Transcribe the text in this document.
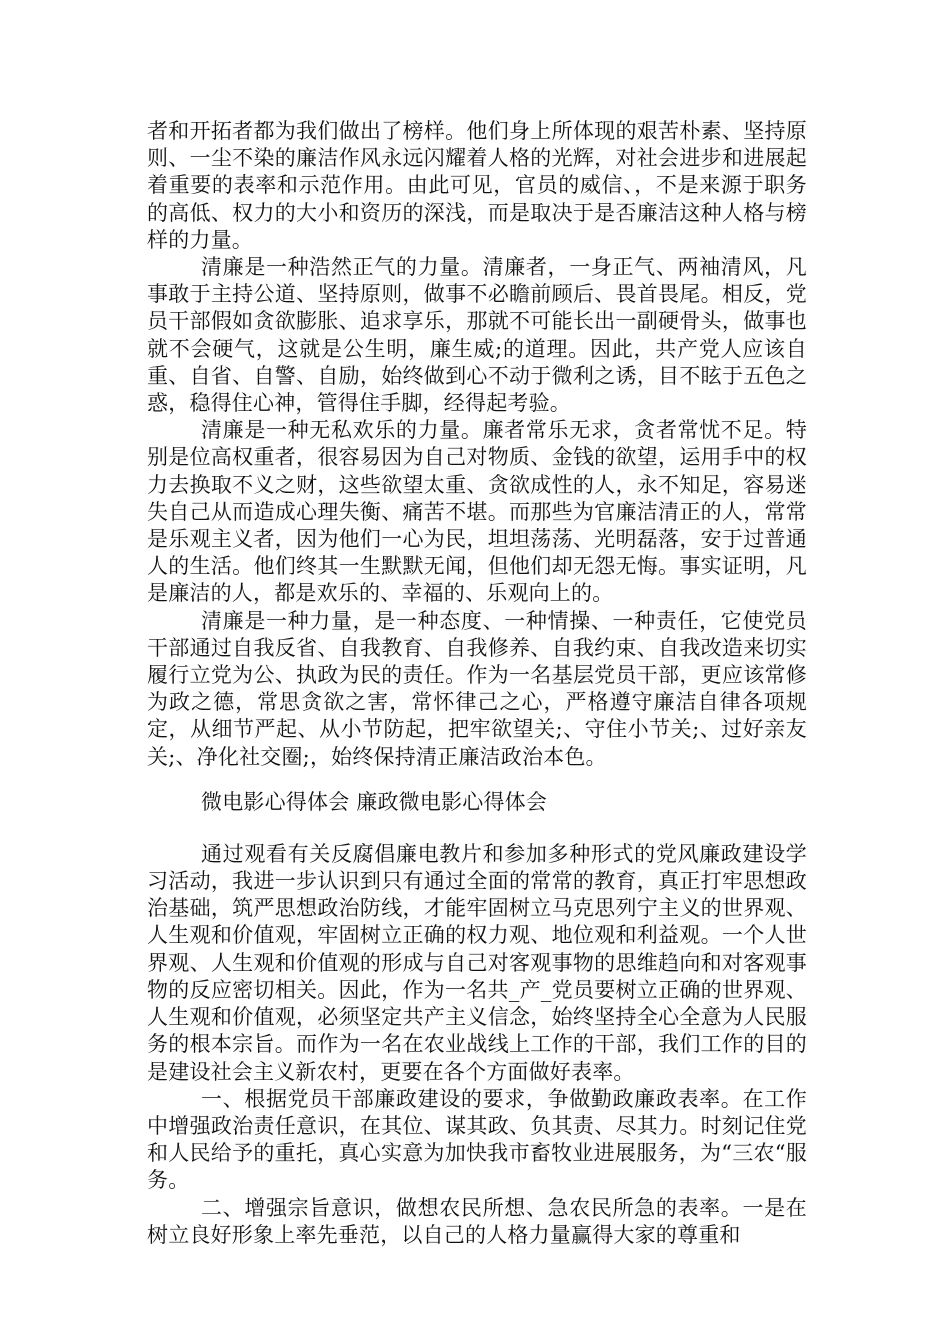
者和开拓者都为我们做出了榜样。他们身上所体现的艰苦朴素、坚持原则、一尘不染的廉洁作风永远闪耀着人格的光辉，对社会进步和进展起着重要的表率和示范作用。由此可见，官员的威信、，不是来源于职务的高低、权力的大小和资历的深浅，而是取决于是否廉洁这种人格与榜样的力量。

清廉是一种浩然正气的力量。清廉者，一身正气、两袖清风，凡事敢于主持公道、坚持原则，做事不必瞻前顾后、畏首畏尾。相反，党员干部假如贪欲膨胀、追求享乐，那就不可能长出一副硬骨头，做事也就不会硬气，这就是公生明，廉生威;的道理。因此，共产党人应该自重、自省、自警、自励，始终做到心不动于微利之诱，目不眩于五色之惑，稳得住心神，管得住手脚，经得起考验。

清廉是一种无私欢乐的力量。廉者常乐无求，贪者常忧不足。特别是位高权重者，很容易因为自己对物质、金钱的欲望，运用手中的权力去换取不义之财，这些欲望太重、贪欲成性的人，永不知足，容易迷失自己从而造成心理失衡、痛苦不堪。而那些为官廉洁清正的人，常常是乐观主义者，因为他们一心为民，坦坦荡荡、光明磊落，安于过普通人的生活。他们终其一生默默无闻，但他们却无怨无悔。事实证明，凡是廉洁的人，都是欢乐的、幸福的、乐观向上的。

清廉是一种力量，是一种态度、一种情操、一种责任，它使党员干部通过自我反省、自我教育、自我修养、自我约束、自我改造来切实履行立党为公、执政为民的责任。作为一名基层党员干部，更应该常修为政之德，常思贪欲之害，常怀律己之心，严格遵守廉洁自律各项规定，从细节严起、从小节防起，把牢欲望关;、守住小节关;、过好亲友关;、净化社交圈;，始终保持清正廉洁政治本色。

微电影心得体会 廉政微电影心得体会

通过观看有关反腐倡廉电教片和参加多种形式的党风廉政建设学习活动，我进一步认识到只有通过全面的常常的教育，真正打牢思想政治基础，筑严思想政治防线，才能牢固树立马克思列宁主义的世界观、人生观和价值观，牢固树立正确的权力观、地位观和利益观。一个人世界观、人生观和价值观的形成与自己对客观事物的思维趋向和对客观事物的反应密切相关。因此，作为一名共_产_党员要树立正确的世界观、人生观和价值观，必须坚定共产主义信念，始终坚持全心全意为人民服务的根本宗旨。而作为一名在农业战线上工作的干部，我们工作的目的是建设社会主义新农村，更要在各个方面做好表率。

一、根据党员干部廉政建设的要求，争做勤政廉政表率。在工作中增强政治责任意识，在其位、谋其政、负其责、尽其力。时刻记住党和人民给予的重托，真心实意为加快我市畜牧业进展服务，为“三农“服务。

二、增强宗旨意识，做想农民所想、急农民所急的表率。一是在树立良好形象上率先垂范，以自己的人格力量赢得大家的尊重和
